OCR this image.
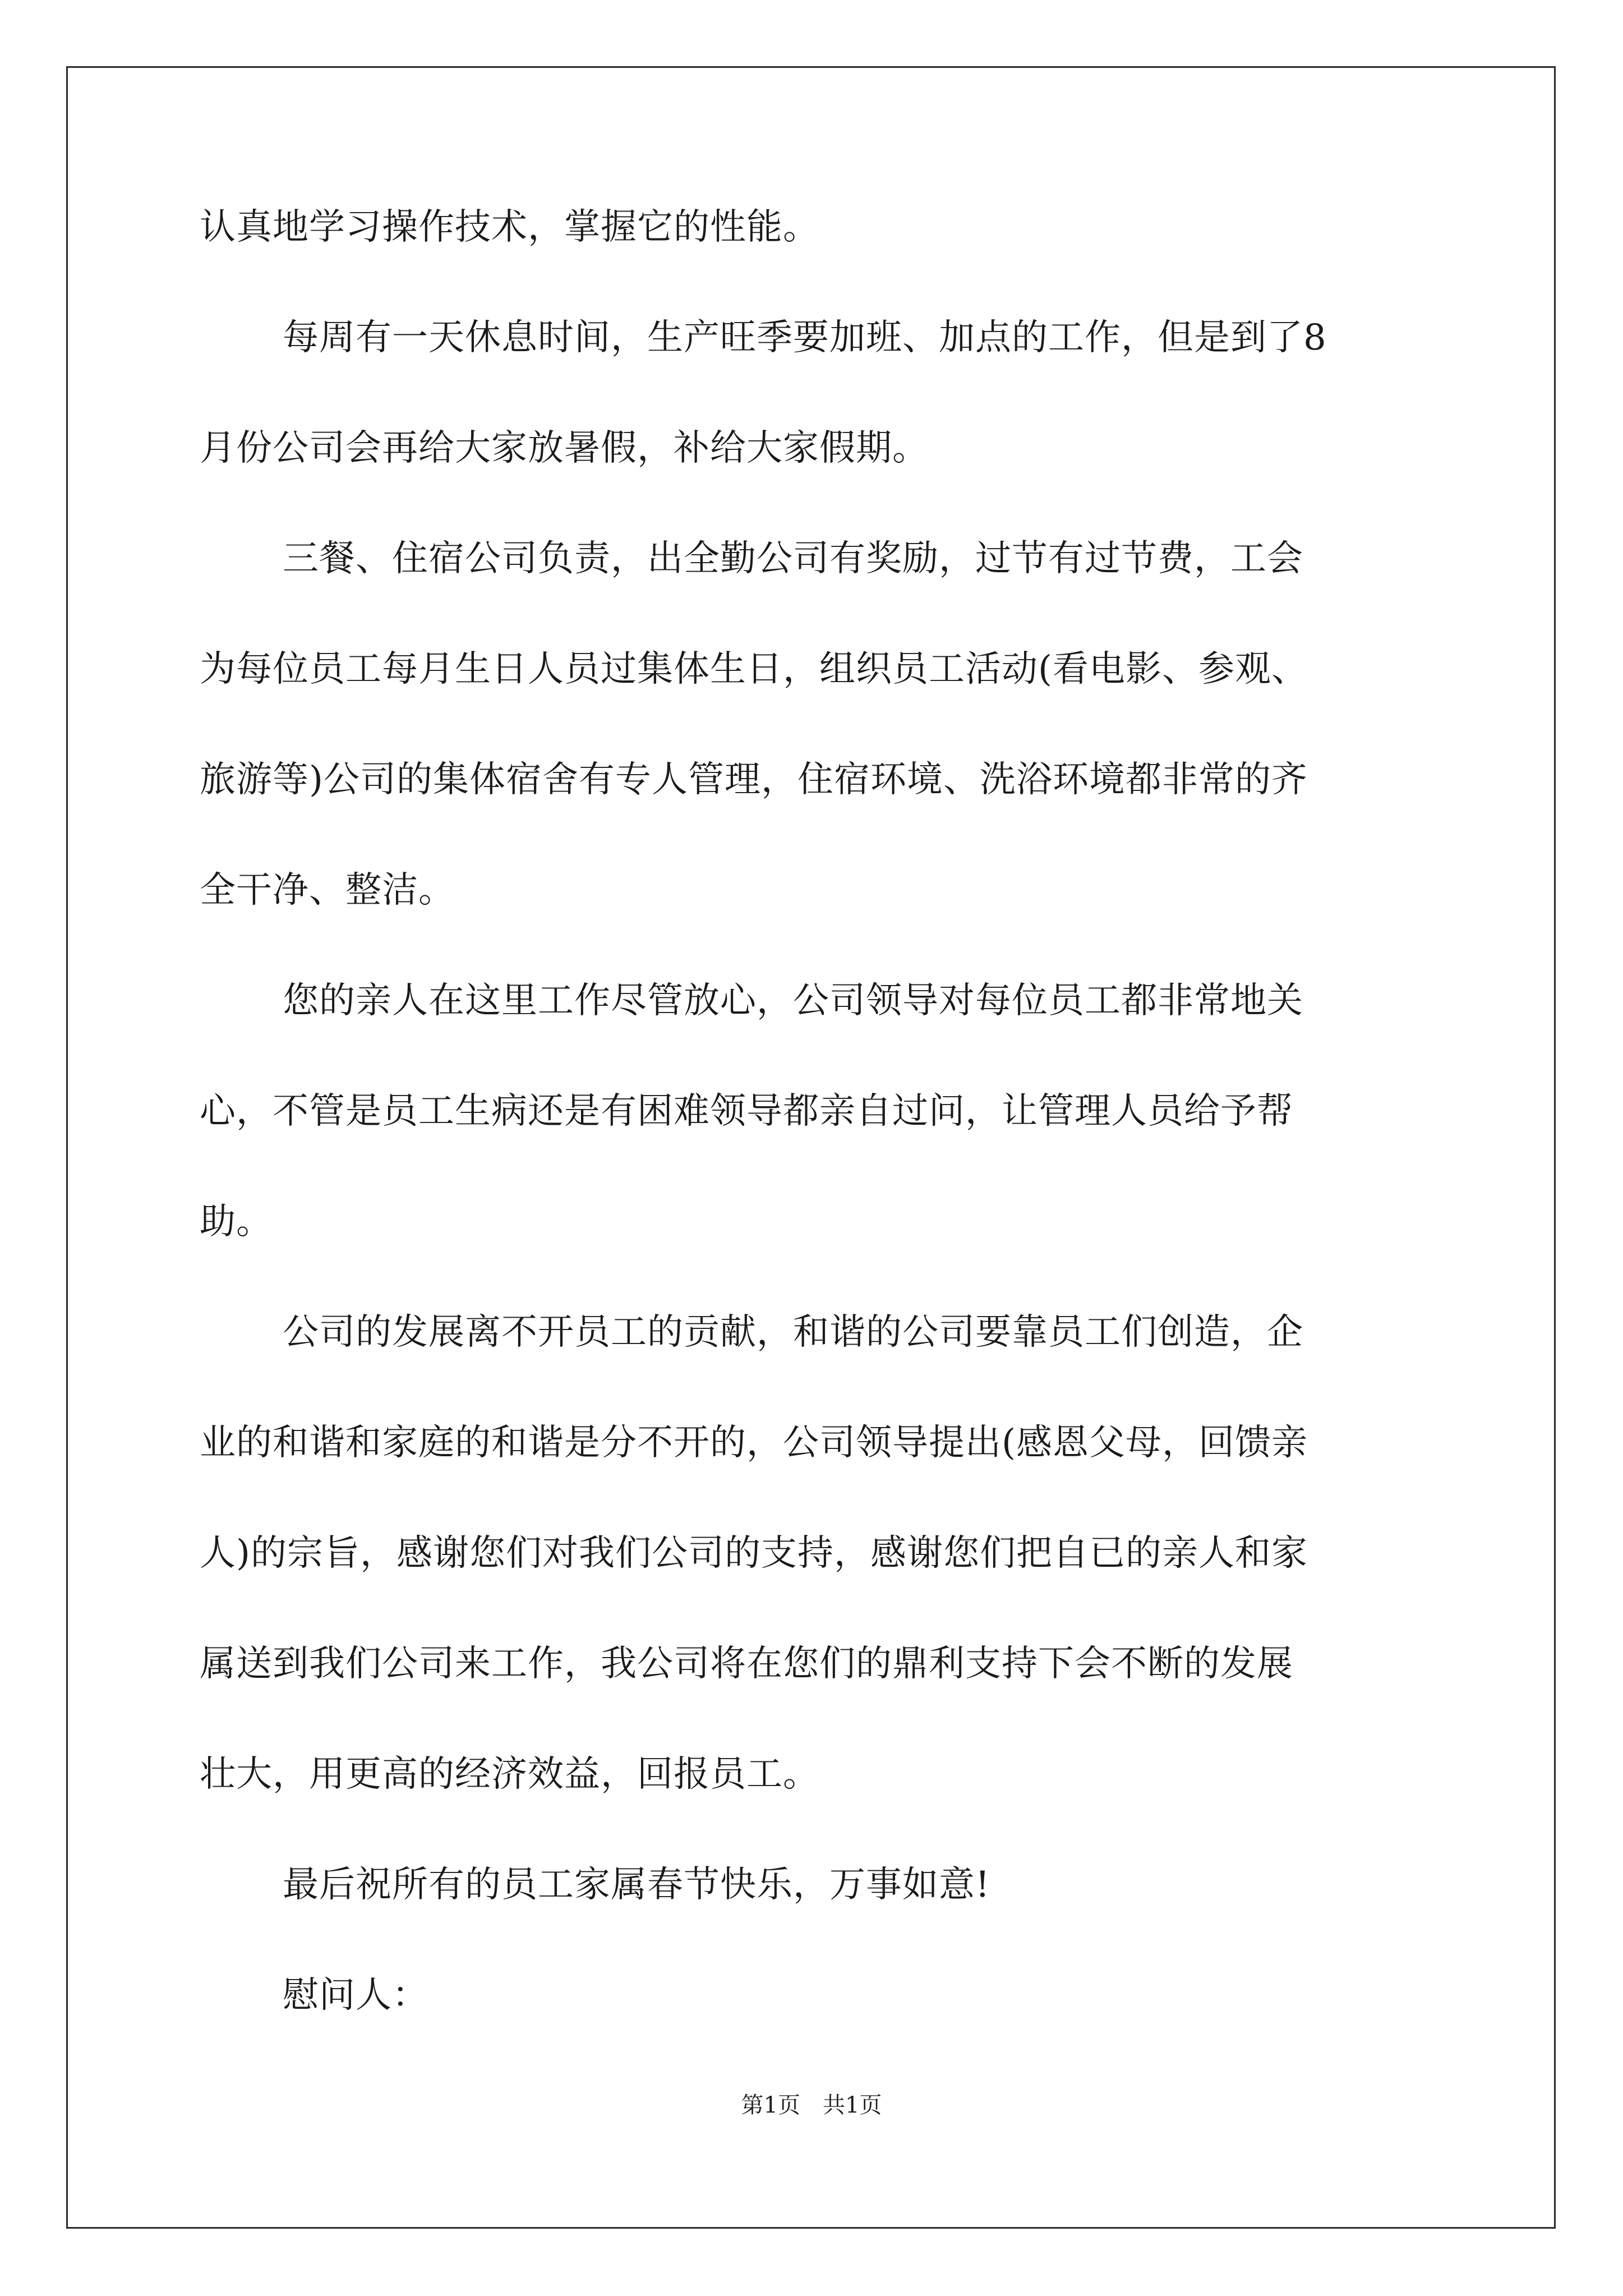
认真地学习操作技术，掌握它的性能。
每周有一天休息时间，生产旺季要加班、加点的工作，但是到了8
月份公司会再给大家放暑假，补给大家假期。
三餐、住宿公司负责，出全勤公司有奖励，过节有过节费，工会
为每位员工每月生日人员过集体生日，组织员工活动(看电影、参观、
旅游等)公司的集体宿舍有专人管理，住宿环境、洗浴环境都非常的齐
全干净、整洁。
您的亲人在这里工作尽管放心，公司领导对每位员工都非常地关
心，不管是员工生病还是有困难领导都亲自过问，让管理人员给予帮
助。
公司的发展离不开员工的贡献，和谐的公司要靠员工们创造，企
业的和谐和家庭的和谐是分不开的，公司领导提出(感恩父母，回馈亲
人)的宗旨，感谢您们对我们公司的支持，感谢您们把自已的亲人和家
属送到我们公司来工作，我公司将在您们的鼎利支持下会不断的发展
壮大，用更高的经济效益，回报员工。
最后祝所有的员工家属春节快乐，万事如意!
慰问人：
第1页　共1页
